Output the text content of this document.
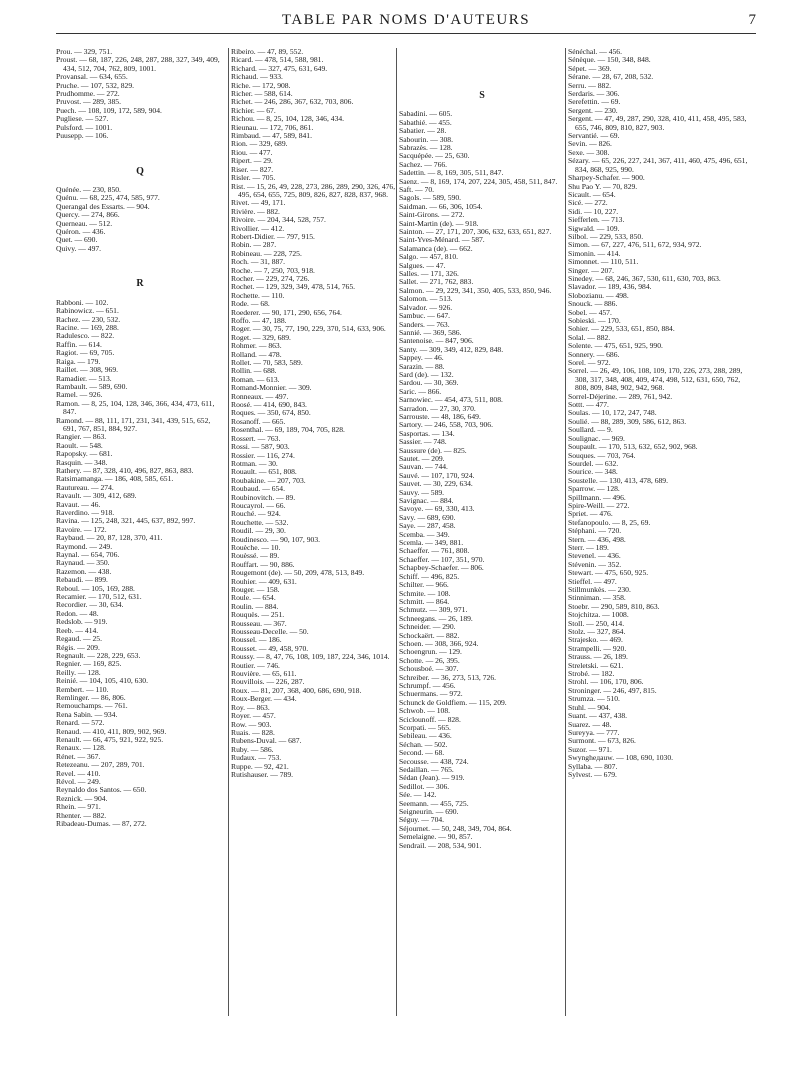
TABLE PAR NOMS D'AUTEURS	7
Prou. — 329, 751.
Proust. — 68, 187, 226, 248, 287, 288, 327, 349, 409, 434, 512, 704, 762, 809, 1001.
Provansal. — 634, 655.
Pruche. — 107, 532, 829.
Prudhomme. — 272.
Pruvost. — 289, 385.
Puech. — 108, 109, 172, 589, 904.
Pugliese. — 527.
Pulsford. — 1001.
Puusepp. — 106.
Q
Quénée. — 230, 850.
Quénu. — 68, 225, 474, 585, 977.
Querangal des Essarts. — 904.
Quercy. — 274, 866.
Querneau. — 512.
Quéron. — 436.
Quet. — 690.
Quivy. — 497.
R
Rabboni. — 102.
Rabinowicz. — 651.
Rachez. — 230, 532.
Racine. — 169, 288.
Radulesco. — 822.
Raffin. — 614.
Ragiot. — 69, 705.
Raiga. — 179.
Raillet. — 308, 969.
Ramadier. — 513.
Rambault. — 589, 690.
Ramel. — 926.
Ramon. — 8, 25, 104, 128, 346, 366, 434, 473, 611, 847.
Ramond. — 88, 111, 171, 231, 341, 439, 515, 652, 691, 767, 851, 884, 927.
Rangier. — 863.
Raoult. — 548.
Rapopsky. — 681.
Rasquin. — 348.
Rathery. — 87, 328, 410, 496, 827, 863, 883.
Ratsimamanga. — 186, 408, 585, 651.
Rautureau. — 274.
Ravault. — 309, 412, 689.
Ravaut. — 46.
Raverdino. — 918.
Ravina. — 125, 248, 321, 445, 637, 892, 997.
Ravoire. — 172.
Raybaud. — 20, 87, 128, 370, 411.
Raymond. — 249.
Raynal. — 654, 706.
Raynaud. — 350.
Razemon. — 438.
Rebaudi. — 899.
Reboul. — 105, 169, 288.
Recamier. — 170, 512, 631.
Recordier. — 30, 634.
Redon. — 48.
Redslob. — 919.
Reeb. — 414.
Regaud. — 25.
Régis. — 209.
Regnault. — 228, 229, 653.
Regnier. — 169, 825.
Reilly. — 128.
Reinié. — 104, 105, 410, 630.
Rembert. — 110.
Remlinger. — 86, 806.
Remouchamps. — 761.
Rena Sabin. — 934.
Renard. — 572.
Renaud. — 410, 411, 809, 902, 969.
Renault. — 66, 475, 921, 922, 925.
Renaux. — 128.
Rénet. — 367.
Retezeanu. — 207, 289, 701.
Revel. — 410.
Révol. — 249.
Reynaldo dos Santos. — 650.
Reznick. — 904.
Rhein. — 971.
Rhenter. — 882.
Ribadeau-Dumas. — 87, 272.
Ribeiro. — 47, 89, 552.
Ricard. — 478, 514, 588, 981.
Richard. — 327, 475, 631, 649.
Richaud. — 933.
Riche. — 172, 908.
Richer. — 588, 614.
Richet. — 246, 286, 367, 632, 703, 806.
Richier. — 67.
Richou. — 8, 25, 104, 128, 346, 434.
Rieunau. — 172, 706, 861.
Rimbaud. — 47, 589, 841.
Rion. — 329, 689.
Riou. — 477.
Ripert. — 29.
Riser. — 827.
Risler. — 705.
Rist. — 15, 26, 49, 228, 273, 286, 289, 290, 326, 476, 495, 654, 655, 725, 809, 826, 827, 828, 837, 968.
Rivet. — 49, 171.
Rivière. — 882.
Rivoire. — 204, 344, 528, 757.
Rivollier. — 412.
Robert-Didier. — 797, 915.
Robin. — 287.
Robineau. — 228, 725.
Roch. — 31, 887.
Roche. — 7, 250, 703, 918.
Rocher. — 229, 274, 726.
Rochet. — 129, 329, 349, 478, 514, 765.
Rochette. — 110.
Rode. — 68.
Roederer. — 90, 171, 290, 656, 764.
Roffo. — 47, 188.
Roger. — 30, 75, 77, 190, 229, 370, 514, 633, 906.
Roget. — 329, 689.
Rohmer. — 863.
Rolland. — 478.
Rollet. — 70, 583, 589.
Rollin. — 688.
Roman. — 613.
Romand-Monnier. — 309.
Ronneaux. — 497.
Roosé. — 414, 690, 843.
Roques. — 350, 674, 850.
Rosanoff. — 665.
Rosenthal. — 69, 189, 704, 705, 828.
Rossert. — 763.
Rossi. — 587, 903.
Rossier. — 116, 274.
Rotman. — 30.
Rouault. — 651, 808.
Roubakine. — 207, 703.
Roubaud. — 654.
Roubinovitch. — 89.
Roucayrol. — 66.
Rouché. — 924.
Rouchette. — 532.
Roudil. — 29, 30.
Roudinesco. — 90, 107, 903.
Rouèche. — 10.
Rouèssé. — 89.
Rouffart. — 90, 886.
Rougemont (de). — 50, 209, 478, 513, 849.
Rouhier. — 409, 631.
Rouger. — 158.
Roule. — 654.
Roulin. — 884.
Rouquès. — 251.
Rousseau. — 367.
Rousseau-Decelle. — 50.
Roussel. — 186.
Rousset. — 49, 458, 970.
Roussy. — 8, 47, 76, 108, 109, 187, 224, 346, 1014.
Routier. — 746.
Rouvière. — 65, 611.
Rouvillois. — 226, 287.
Roux. — 81, 207, 368, 400, 686, 690, 918.
Roux-Berger. — 434.
Roy. — 863.
Royer. — 457.
Row. — 903.
Ruais. — 828.
Rubens-Duval. — 687.
Ruby. — 586.
Rudaux. — 753.
Ruppe. — 92, 421.
Rutishauser. — 789.
S
Sabadini. — 605.
Sabathié. — 455.
Sabatier. — 28.
Sabourin. — 308.
Sabrazès. — 128.
Sacquépée. — 25, 630.
Sachez. — 766.
Sadettin. — 8, 169, 305, 511, 847.
Saenz. — 8, 169, 174, 207, 224, 305, 458, 511, 847.
Saft. — 70.
Sagols. — 589, 590.
Saidman. — 66, 306, 1054.
Saint-Girons. — 272.
Saint-Martin (de). — 918.
Sainton. — 27, 171, 207, 306, 632, 633, 651, 827.
Saint-Yves-Ménard. — 587.
Salamanca (de). — 662.
Salgo. — 457, 810.
Salgues. — 47.
Salles. — 171, 326.
Sallet. — 271, 762, 883.
Salmon. — 29, 229, 341, 350, 405, 533, 850, 946.
Salomon. — 513.
Salvador. — 926.
Sambuc. — 647.
Sanders. — 763.
Sannié. — 369, 586.
Santenoise. — 847, 906.
Santy. — 309, 349, 412, 829, 848.
Sappey. — 46.
Sarazin. — 88.
Sard (de). — 132.
Sardou. — 30, 369.
Saric. — 866.
Sarnowiec. — 454, 473, 511, 808.
Sarradon. — 27, 30, 370.
Sarrouste. — 48, 186, 649.
Sartory. — 246, 558, 703, 906.
Sasportas. — 134.
Sassier. — 748.
Saussure (de). — 825.
Sautet. — 209.
Sauvan. — 744.
Sauvé. — 107, 170, 924.
Sauvet. — 30, 229, 634.
Sauvy. — 589.
Savignac. — 884.
Savoye. — 69, 330, 413.
Savy. — 689, 690.
Saye. — 287, 458.
Scemba. — 349.
Scemla. — 349, 881.
Schaeffer. — 761, 808.
Schaeffer. — 107, 351, 970.
Schapbey-Schaefer. — 806.
Schiff. — 496, 825.
Schilter. — 966.
Schmite. — 108.
Schmitt. — 864.
Schmutz. — 309, 971.
Schneegans. — 26, 189.
Schneider. — 290.
Schockaërt. — 882.
Schoen. — 308, 366, 924.
Schoengrun. — 129.
Schotte. — 26, 395.
Schousboé. — 307.
Schreiber. — 36, 273, 513, 726.
Schrumpf. — 456.
Schuermans. — 972.
Schunck de Goldfiem. — 115, 209.
Schwob. — 108.
Sciclounoff. — 828.
Scorpati. — 565.
Sebileau. — 436.
Séchan. — 502.
Second. — 68.
Secousse. — 438, 724.
Sedaillan. — 765.
Sédan (Jean). — 919.
Sedillot. — 306.
Sée. — 142.
Seemann. — 455, 725.
Seigneurin. — 690.
Séguy. — 704.
Séjournet. — 50, 248, 349, 704, 864.
Semelaigne. — 90, 857.
Sendrail. — 208, 534, 901.
Sénéchal. — 456.
Sénèque. — 150, 348, 848.
Sépet. — 369.
Sérane. — 28, 67, 208, 532.
Serru. — 882.
Serdaris. — 306.
Serefettin. — 69.
Sergent. — 230.
Sergent. — 47, 49, 287, 290, 328, 410, 411, 458, 495, 583, 655, 746, 809, 810, 827, 903.
Servantié. — 69.
Sevin. — 826.
Sexe. — 308.
Sézary. — 65, 226, 227, 241, 367, 411, 460, 475, 496, 651, 834, 868, 925, 990.
Sharpey-Schafer. — 900.
Shu Pao Y. — 70, 829.
Sicault. — 654.
Sicé. — 272.
Sidi. — 10, 227.
Siefferlen. — 713.
Sigwald. — 109.
Silbol. — 229, 533, 850.
Simon. — 67, 227, 476, 511, 672, 934, 972.
Simonin. — 414.
Simonnet. — 110, 511.
Singer. — 207.
Sinedey. — 68, 246, 367, 530, 611, 630, 703, 863.
Slavador. — 189, 436, 984.
Slobozianu. — 498.
Snouck. — 886.
Sobel. — 457.
Sobieski. — 170.
Sohier. — 229, 533, 651, 850, 884.
Solal. — 882.
Solente. — 475, 651, 925, 990.
Sonnery. — 686.
Sorel. — 972.
Sorrel. — 26, 49, 106, 108, 109, 170, 226, 273, 288, 289, 308, 317, 348, 408, 409, 474, 498, 512, 631, 650, 762, 808, 809, 848, 902, 942, 968.
Sorrel-Déjerine. — 289, 761, 942.
Sottt. — 477.
Soulas. — 10, 172, 247, 748.
Soulié. — 88, 289, 309, 586, 612, 863.
Soullard. — 9.
Soulignac. — 969.
Soupault. — 170, 513, 632, 652, 902, 968.
Souques. — 703, 764.
Sourdel. — 632.
Sourice. — 348.
Soustelle. — 130, 413, 478, 689.
Sparrow. — 128.
Spillmann. — 496.
Spire-Weill. — 272.
Spriet. — 476.
Stefanopoulo. — 8, 25, 69.
Stéphani. — 720.
Stern. — 436, 498.
Sterr. — 189.
Stevenel. — 436.
Stévenin. — 352.
Stewart. — 475, 650, 925.
Stieffel. — 497.
Stillmunkès. — 230.
Stinniman. — 358.
Stoebr. — 290, 589, 810, 863.
Stojchitza. — 1008.
Stoll. — 250, 414.
Stolz. — 327, 864.
Strajesko. — 469.
Strampelli. — 920.
Strauss. — 26, 189.
Streletski. — 621.
Strobé. — 182.
Strohl. — 106, 170, 806.
Stroninger. — 246, 497, 815.
Strumza. — 510.
Stuhl. — 904.
Suant. — 437, 438.
Suarez. — 48.
Sureyya. — 777.
Surmont. — 673, 826.
Suzor. — 971.
Swyngheдauw. — 108, 690, 1030.
Syllaba. — 807.
Sylvest. — 679.
